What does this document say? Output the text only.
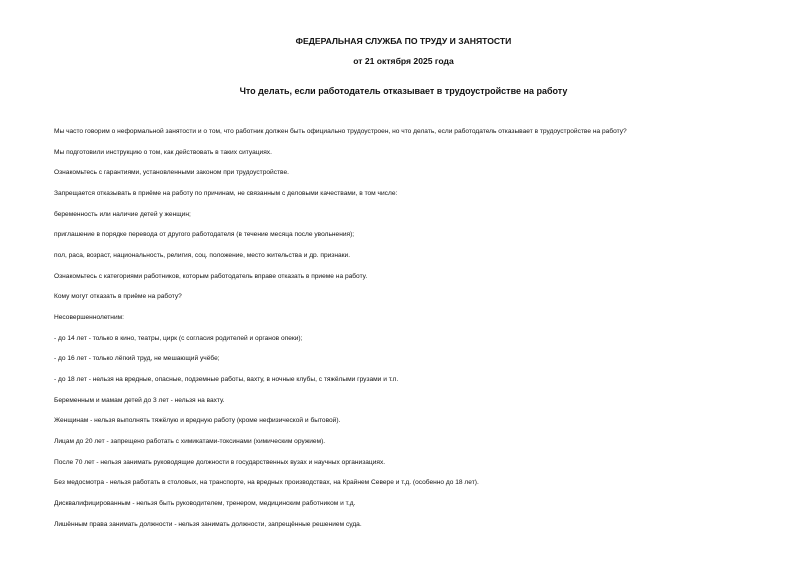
ФЕДЕРАЛЬНАЯ СЛУЖБА ПО ТРУДУ И ЗАНЯТОСТИ
от 21 октября 2025 года
Что делать, если работодатель отказывает в трудоустройстве на работу
Мы часто говорим о неформальной занятости и о том, что работник должен быть официально трудоустроен, но что делать, если работодатель отказывает в трудоустройстве на работу?
Мы подготовили инструкцию о том, как действовать в таких ситуациях.
Ознакомьтесь с гарантиями, установленными законом при трудоустройстве.
Запрещается отказывать в приёме на работу по причинам, не связанным с деловыми качествами, в том числе:
беременность или наличие детей у женщин;
приглашение в порядке перевода от другого работодателя (в течение месяца после увольнения);
пол, раса, возраст, национальность, религия, соц. положение, место жительства и др. признаки.
Ознакомьтесь с категориями работников, которым работодатель вправе отказать в приеме на работу.
Кому могут отказать в приёме на работу?
Несовершеннолетним:
- до 14 лет - только в кино, театры, цирк (с согласия родителей и органов опеки);
- до 16 лет - только лёгкий труд, не мешающий учёбе;
- до 18 лет - нельзя на вредные, опасные, подземные работы, вахту, в ночные клубы, с тяжёлыми грузами и т.п.
Беременным и мамам детей до 3 лет - нельзя на вахту.
Женщинам - нельзя выполнять тяжёлую и вредную работу (кроме нефизической и бытовой).
Лицам до 20 лет - запрещено работать с химикатами-токсинами (химическим оружием).
После 70 лет - нельзя занимать руководящие должности в государственных вузах и научных организациях.
Без медосмотра - нельзя работать в столовых, на транспорте, на вредных производствах, на Крайнем Севере и т.д. (особенно до 18 лет).
Дисквалифицированным - нельзя быть руководителем, тренером, медицинским работником и т.д.
Лишённым права занимать должности - нельзя занимать должности, запрещённые решением суда.
